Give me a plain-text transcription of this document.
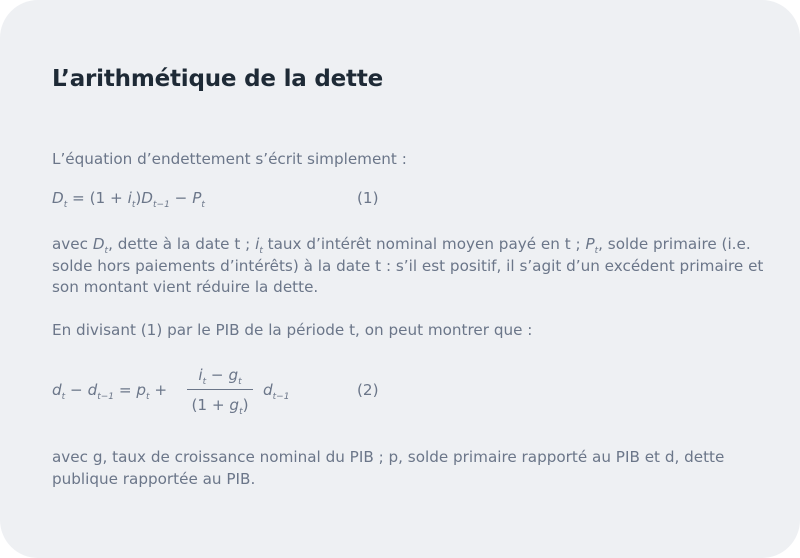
L’arithmétique de la dette

L’équation d’endettement s’écrit simplement :

$D_t = (1 + i_t)D_{t-1} - P_t$	(1)

avec $D_t$, dette à la date t ; $i_t$ taux d’intérêt nominal moyen payé en t ; $P_t$, solde primaire (i.e. solde hors paiements d’intérêts) à la date t : s’il est positif, il s’agit d’un excédent primaire et son montant vient réduire la dette.

En divisant (1) par le PIB de la période t, on peut montrer que :

$d_t - d_{t-1} = p_t$ +
$i_t - g_t$
$(1 + g_t)$
$d_{t-1}$	(2)

avec g, taux de croissance nominal du PIB ; p, solde primaire rapporté au PIB et d, dette publique rapportée au PIB.
